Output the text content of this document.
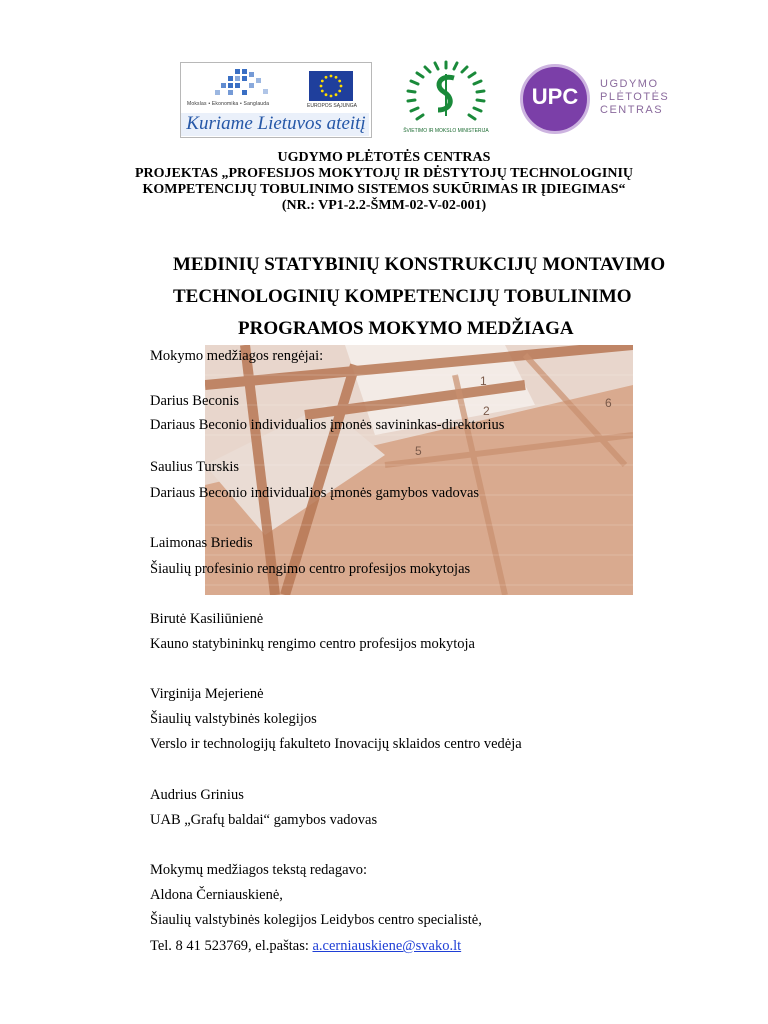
Mokslas • Ekonomika • Sanglauda	EUROPOS SĄJUNGA
Kuriame Lietuvos ateitį	ŠVIETIMO IR MOKSLO MINISTERIJA
UPC	UGDYMO
PLĖTOTĖS
CENTRAS
UGDYMO PLĖTOTĖS CENTRAS
PROJEKTAS „PROFESIJOS MOKYTOJŲ IR DĖSTYTOJŲ TECHNOLOGINIŲ
KOMPETENCIJŲ TOBULINIMO SISTEMOS SUKŪRIMAS IR ĮDIEGIMAS“
(NR.: VP1-2.2-ŠMM-02-V-02-001)
MEDINIŲ STATYBINIŲ KONSTRUKCIJŲ MONTAVIMO
TECHNOLOGINIŲ KOMPETENCIJŲ TOBULINIMO
PROGRAMOS MOKYMO MEDŽIAGA
1
2
6
5
Mokymo medžiagos rengėjai:
Darius Beconis
Dariaus Beconio individualios įmonės savininkas-direktorius
Saulius Turskis
Dariaus Beconio individualios įmonės gamybos vadovas
Laimonas Briedis
Šiaulių profesinio rengimo centro profesijos mokytojas
Birutė Kasiliūnienė
Kauno statybininkų rengimo centro profesijos mokytoja
Virginija Mejerienė
Šiaulių valstybinės kolegijos
Verslo ir technologijų fakulteto Inovacijų sklaidos centro vedėja
Audrius Grinius
UAB „Grafų baldai“ gamybos vadovas
Mokymų medžiagos tekstą redagavo:
Aldona Černiauskienė,
Šiaulių valstybinės kolegijos Leidybos centro specialistė,
Tel. 8 41 523769, el.paštas: a.cerniauskiene@svako.lt
